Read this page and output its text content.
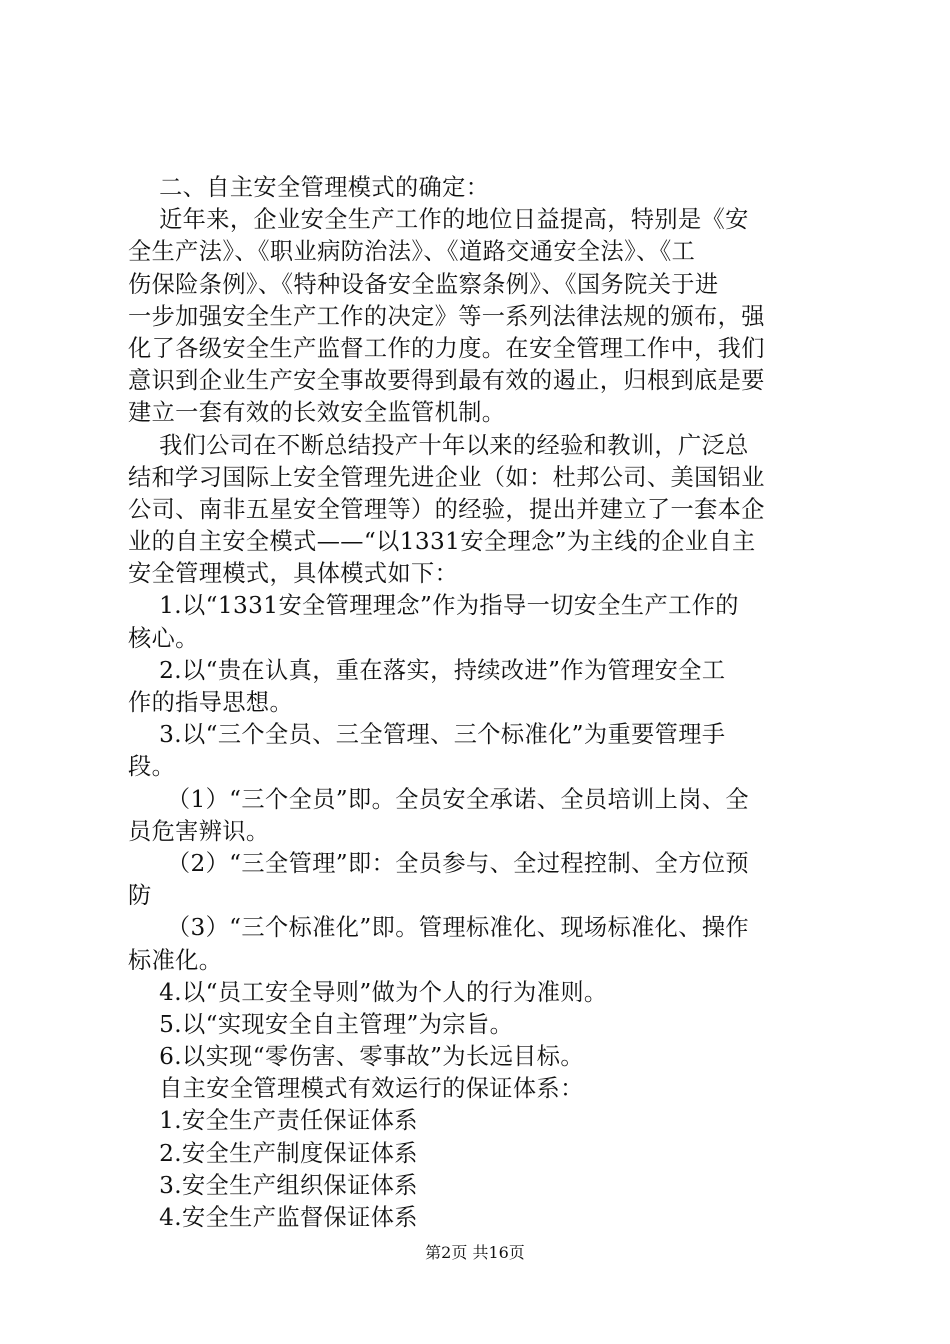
二、自主安全管理模式的确定：
近年来，企业安全生产工作的地位日益提高，特别是《安
全生产法》、《职业病防治法》、《道路交通安全法》、《工
伤保险条例》、《特种设备安全监察条例》、《国务院关于进
一步加强安全生产工作的决定》等一系列法律法规的颁布，强
化了各级安全生产监督工作的力度。在安全管理工作中，我们
意识到企业生产安全事故要得到最有效的遏止，归根到底是要
建立一套有效的长效安全监管机制。
我们公司在不断总结投产十年以来的经验和教训，广泛总
结和学习国际上安全管理先进企业（如：杜邦公司、美国铝业
公司、南非五星安全管理等）的经验，提出并建立了一套本企
业的自主安全模式——“以1331安全理念”为主线的企业自主
安全管理模式，具体模式如下：
1.以“1331安全管理理念”作为指导一切安全生产工作的
核心。
2.以“贵在认真，重在落实，持续改进”作为管理安全工
作的指导思想。
3.以“三个全员、三全管理、三个标准化”为重要管理手
段。
（1）“三个全员”即。全员安全承诺、全员培训上岗、全
员危害辨识。
（2）“三全管理”即：全员参与、全过程控制、全方位预
防
（3）“三个标准化”即。管理标准化、现场标准化、操作
标准化。
4.以“员工安全导则”做为个人的行为准则。
5.以“实现安全自主管理”为宗旨。
6.以实现“零伤害、零事故”为长远目标。
自主安全管理模式有效运行的保证体系：
1.安全生产责任保证体系
2.安全生产制度保证体系
3.安全生产组织保证体系
4.安全生产监督保证体系
第2页 共16页
